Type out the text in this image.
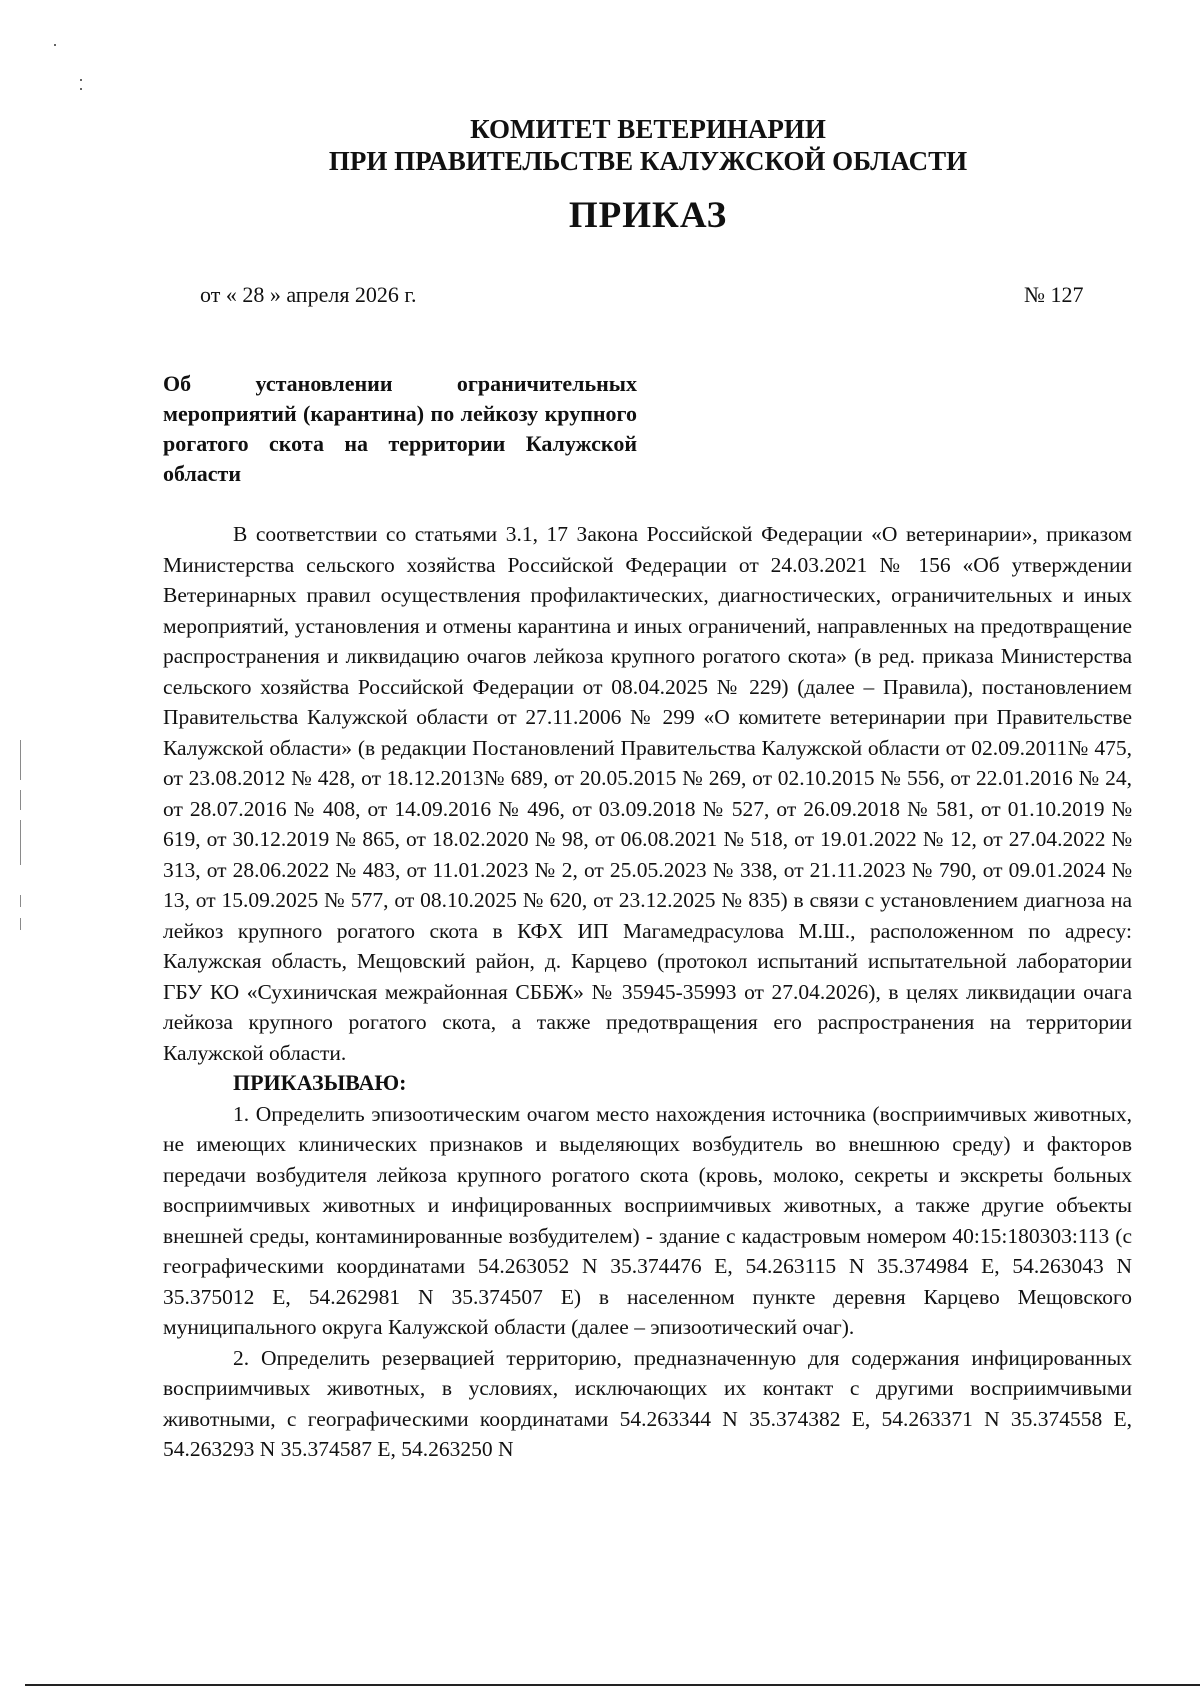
КОМИТЕТ ВЕТЕРИНАРИИ
ПРИ ПРАВИТЕЛЬСТВЕ КАЛУЖСКОЙ ОБЛАСТИ
ПРИКАЗ
от « 28 » апреля 2026 г.	№ 127
Об установлении ограничительных мероприятий (карантина) по лейкозу крупного рогатого скота на территории Калужской области

В соответствии со статьями 3.1, 17 Закона Российской Федерации «О ветеринарии», приказом Министерства сельского хозяйства Российской Федерации от 24.03.2021 № 156 «Об утверждении Ветеринарных правил осуществления профилактических, диагностических, ограничительных и иных мероприятий, установления и отмены карантина и иных ограничений, направленных на предотвращение распространения и ликвидацию очагов лейкоза крупного рогатого скота» (в ред. приказа Министерства сельского хозяйства Российской Федерации от 08.04.2025 № 229) (далее – Правила), постановлением Правительства Калужской области от 27.11.2006 № 299 «О комитете ветеринарии при Правительстве Калужской области» (в редакции Постановлений Правительства Калужской области от 02.09.2011№ 475, от 23.08.2012 № 428, от 18.12.2013№ 689, от 20.05.2015 № 269, от 02.10.2015 № 556, от 22.01.2016 № 24, от 28.07.2016 № 408, от 14.09.2016 № 496, от 03.09.2018 № 527, от 26.09.2018 № 581, от 01.10.2019 № 619, от 30.12.2019 № 865, от 18.02.2020 № 98, от 06.08.2021 № 518, от 19.01.2022 № 12, от 27.04.2022 № 313, от 28.06.2022 № 483, от 11.01.2023 № 2, от 25.05.2023 № 338, от 21.11.2023 № 790, от 09.01.2024 № 13, от 15.09.2025 № 577, от 08.10.2025 № 620, от 23.12.2025 № 835) в связи с установлением диагноза на лейкоз крупного рогатого скота в КФХ ИП Магамедрасулова М.Ш., расположенном по адресу: Калужская область, Мещовский район, д. Карцево (протокол испытаний испытательной лаборатории ГБУ КО «Сухиничская межрайонная СББЖ» № 35945-35993 от 27.04.2026), в целях ликвидации очага лейкоза крупного рогатого скота, а также предотвращения его распространения на территории Калужской области.

ПРИКАЗЫВАЮ:

1. Определить эпизоотическим очагом место нахождения источника (восприимчивых животных, не имеющих клинических признаков и выделяющих возбудитель во внешнюю среду) и факторов передачи возбудителя лейкоза крупного рогатого скота (кровь, молоко, секреты и экскреты больных восприимчивых животных и инфицированных восприимчивых животных, а также другие объекты внешней среды, контаминированные возбудителем) - здание с кадастровым номером 40:15:180303:113 (с географическими координатами 54.263052 N 35.374476 E, 54.263115 N 35.374984 E, 54.263043 N 35.375012 E, 54.262981 N 35.374507 E) в населенном пункте деревня Карцево Мещовского муниципального округа Калужской области (далее – эпизоотический очаг).

2. Определить резервацией территорию, предназначенную для содержания инфицированных восприимчивых животных, в условиях, исключающих их контакт с другими восприимчивыми животными, с географическими координатами 54.263344 N 35.374382 E, 54.263371 N 35.374558 E, 54.263293 N 35.374587 E, 54.263250 N
